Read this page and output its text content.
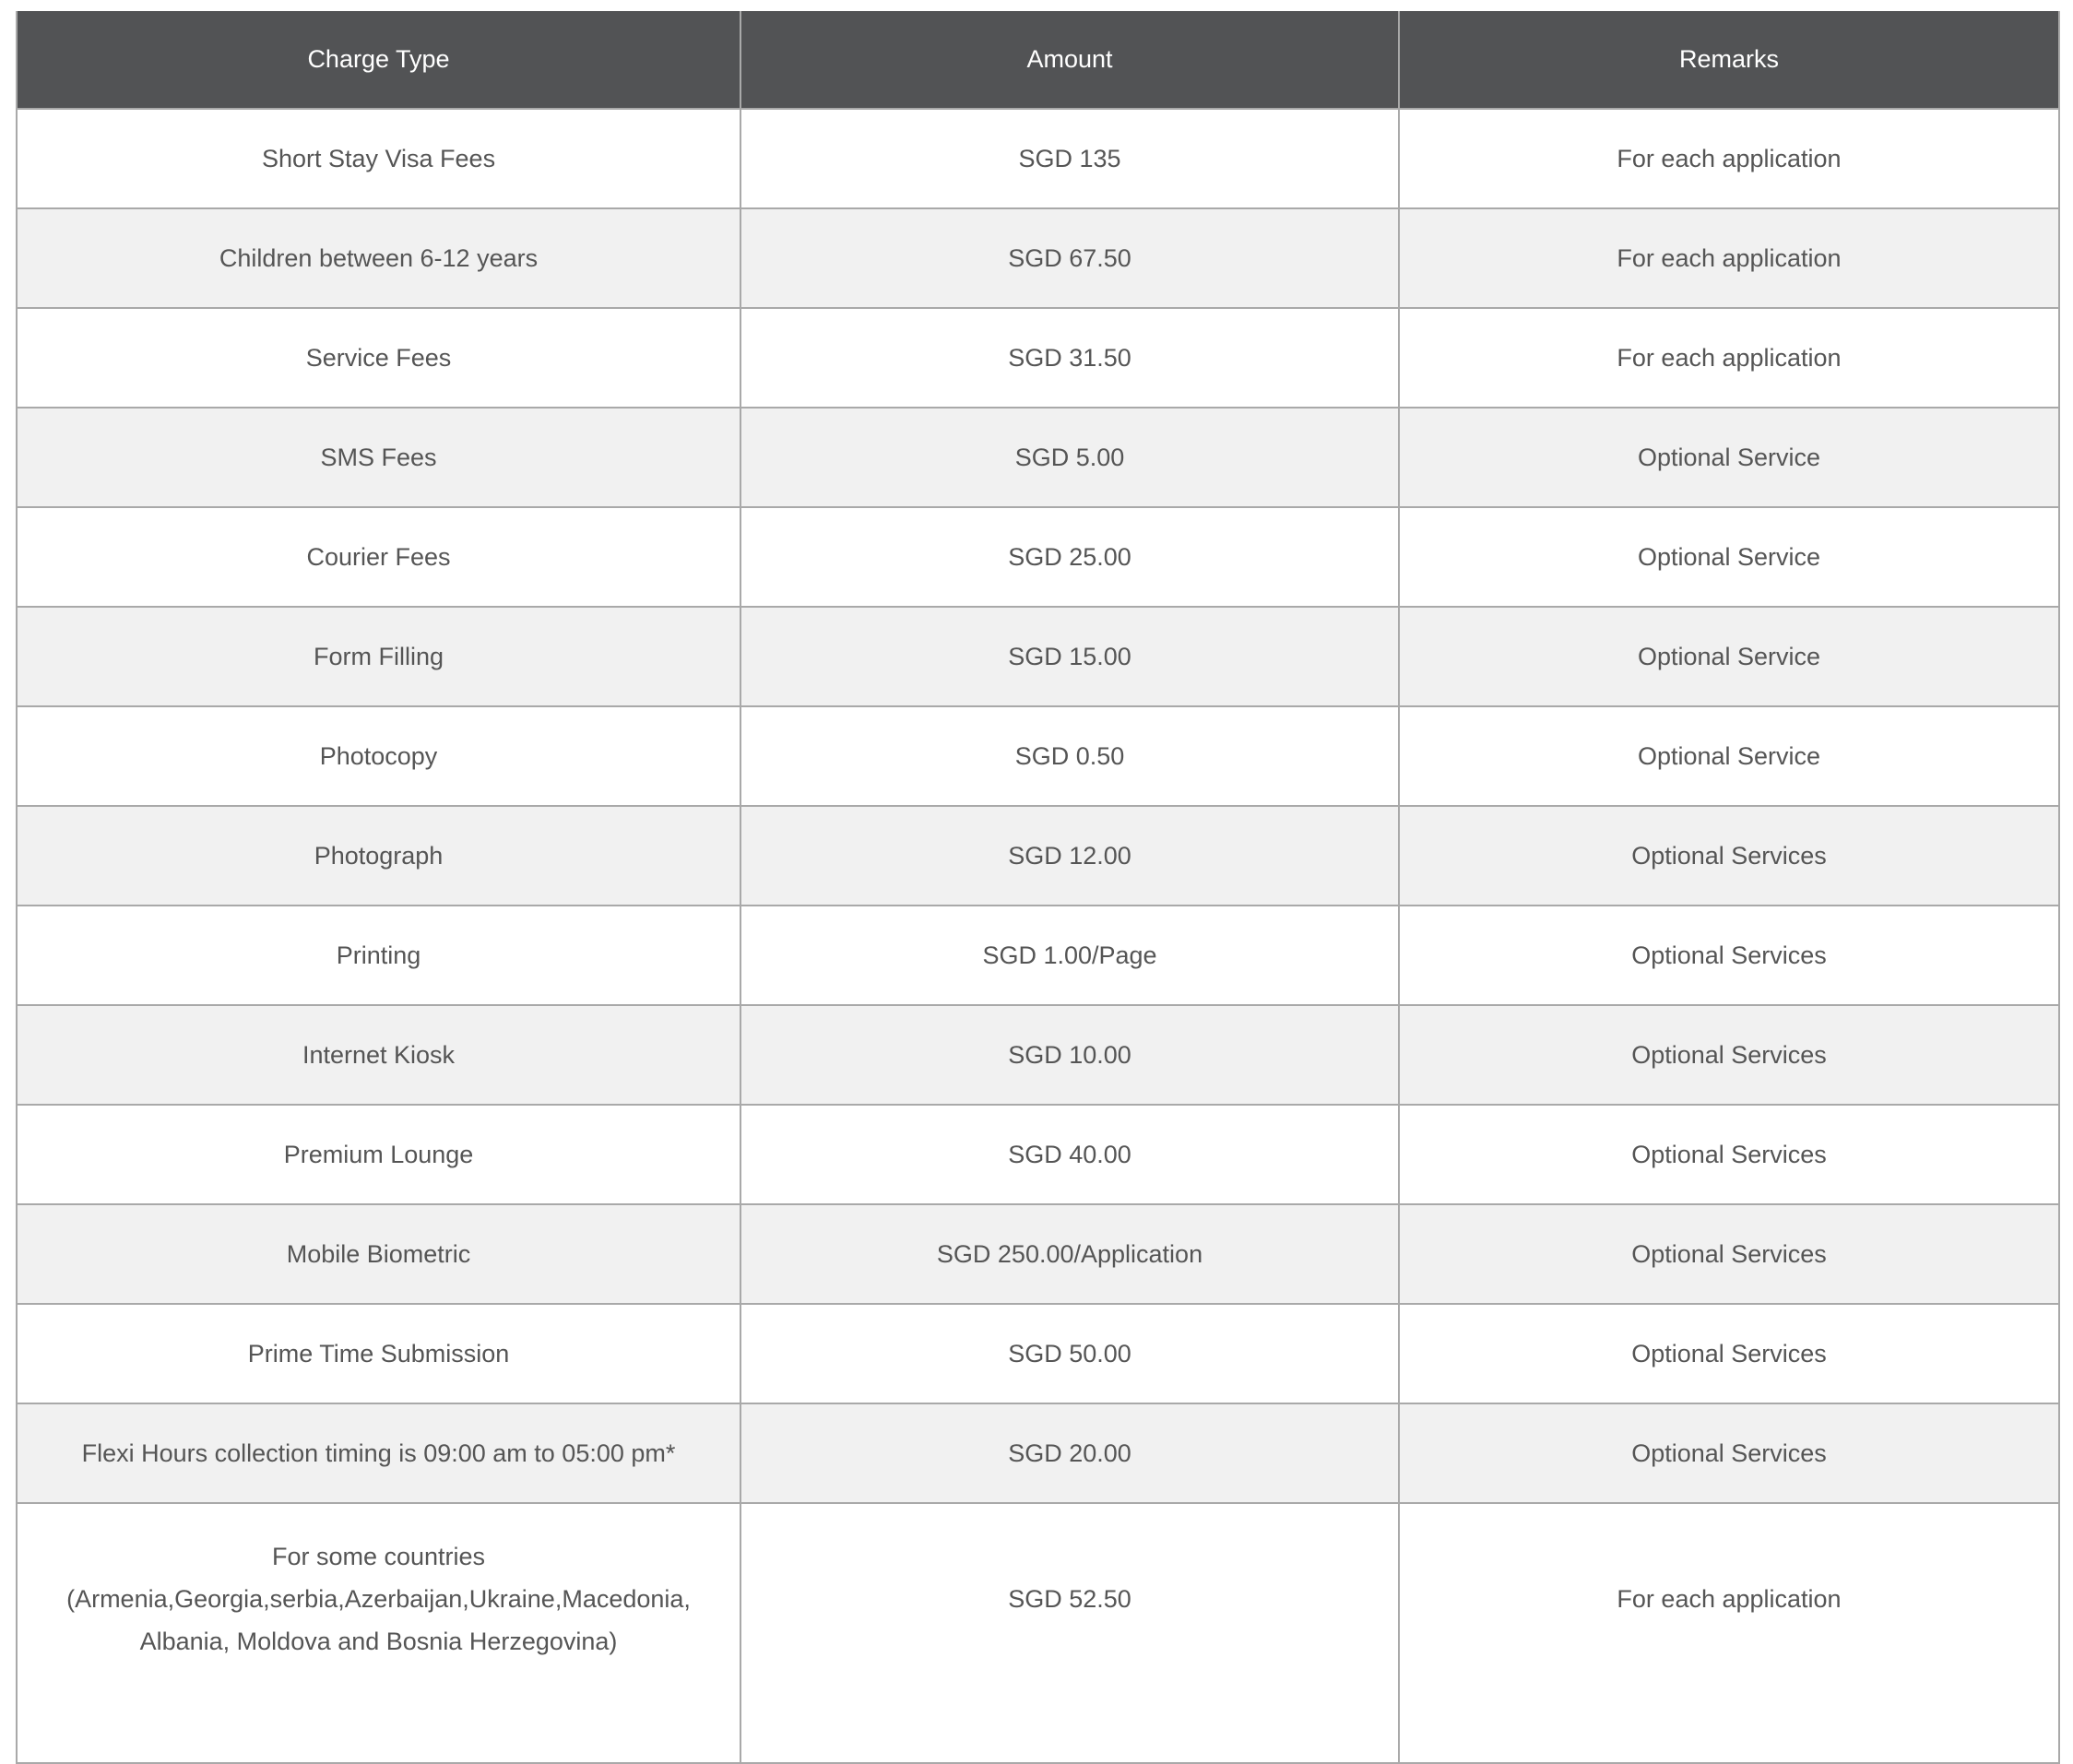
Charge Type	Amount	Remarks
Short Stay Visa Fees	SGD 135	For each application
Children between 6-12 years	SGD 67.50	For each application
Service Fees	SGD 31.50	For each application
SMS Fees	SGD 5.00	Optional Service
Courier Fees	SGD 25.00	Optional Service
Form Filling	SGD 15.00	Optional Service
Photocopy	SGD 0.50	Optional Service
Photograph	SGD 12.00	Optional Services
Printing	SGD 1.00/Page	Optional Services
Internet Kiosk	SGD 10.00	Optional Services
Premium Lounge	SGD 40.00	Optional Services
Mobile Biometric	SGD 250.00/Application	Optional Services
Prime Time Submission	SGD 50.00	Optional Services
Flexi Hours collection timing is 09:00 am to 05:00 pm*	SGD 20.00	Optional Services

For some countries
(Armenia,Georgia,serbia,Azerbaijan,Ukraine,Macedonia,
Albania, Moldova and Bosnia Herzegovina)	SGD 52.50	For each application
